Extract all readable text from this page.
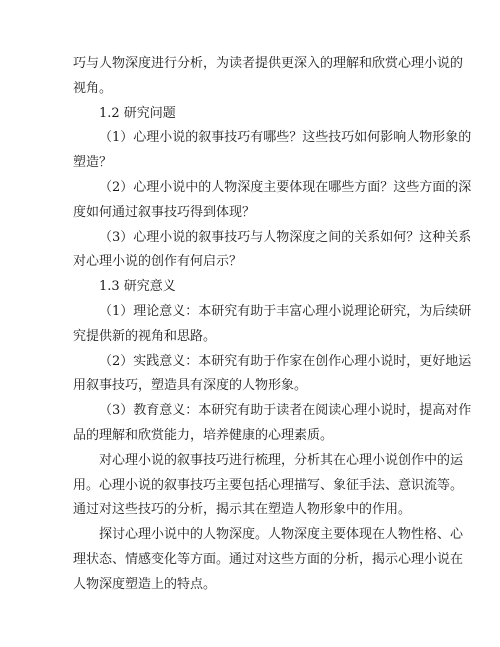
巧与人物深度进行分析，为读者提供更深入的理解和欣赏心理小说的
视角。
1.2 研究问题
（1）心理小说的叙事技巧有哪些？这些技巧如何影响人物形象的
塑造？
（2）心理小说中的人物深度主要体现在哪些方面？这些方面的深
度如何通过叙事技巧得到体现？
（3）心理小说的叙事技巧与人物深度之间的关系如何？这种关系
对心理小说的创作有何启示？
1.3 研究意义
（1）理论意义：本研究有助于丰富心理小说理论研究，为后续研
究提供新的视角和思路。
（2）实践意义：本研究有助于作家在创作心理小说时，更好地运
用叙事技巧，塑造具有深度的人物形象。
（3）教育意义：本研究有助于读者在阅读心理小说时，提高对作
品的理解和欣赏能力，培养健康的心理素质。
对心理小说的叙事技巧进行梳理，分析其在心理小说创作中的运
用。心理小说的叙事技巧主要包括心理描写、象征手法、意识流等。
通过对这些技巧的分析，揭示其在塑造人物形象中的作用。
探讨心理小说中的人物深度。人物深度主要体现在人物性格、心
理状态、情感变化等方面。通过对这些方面的分析，揭示心理小说在
人物深度塑造上的特点。
